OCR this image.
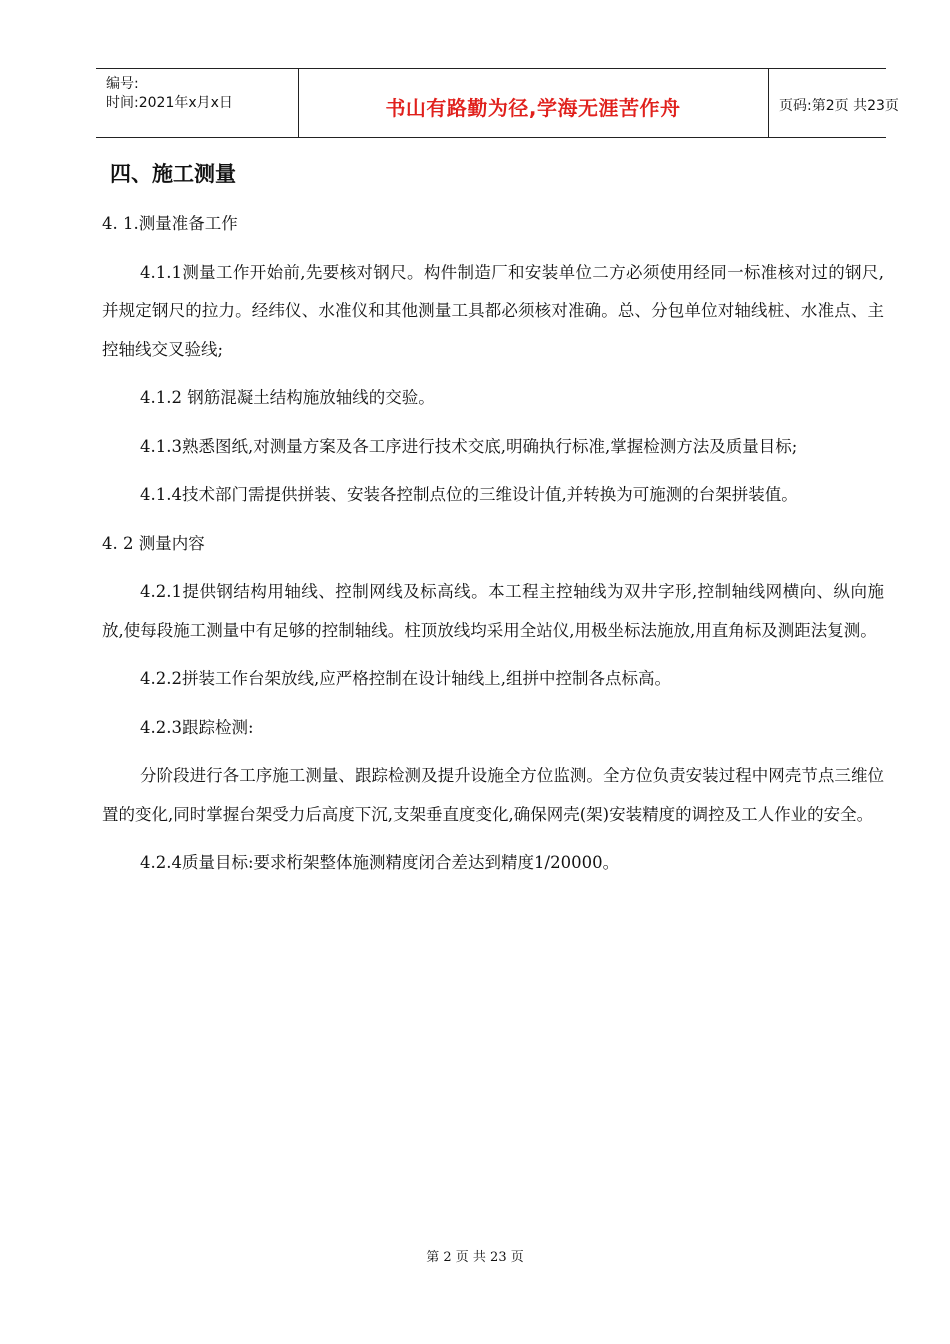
编号:
时间:2021年x月x日	书山有路勤为径,学海无涯苦作舟	页码:第2页 共23页
四、施工测量

4. 1.测量准备工作

4.1.1测量工作开始前,先要核对钢尺。构件制造厂和安装单位二方必须使用经同一标准核对过的钢尺,并规定钢尺的拉力。经纬仪、水准仪和其他测量工具都必须核对准确。总、分包单位对轴线桩、水准点、主控轴线交叉验线;

4.1.2 钢筋混凝土结构施放轴线的交验。

4.1.3熟悉图纸,对测量方案及各工序进行技术交底,明确执行标准,掌握检测方法及质量目标;

4.1.4技术部门需提供拼装、安装各控制点位的三维设计值,并转换为可施测的台架拼装值。

4. 2 测量内容

4.2.1提供钢结构用轴线、控制网线及标高线。本工程主控轴线为双井字形,控制轴线网横向、纵向施放,使每段施工测量中有足够的控制轴线。柱顶放线均采用全站仪,用极坐标法施放,用直角标及测距法复测。

4.2.2拼装工作台架放线,应严格控制在设计轴线上,组拼中控制各点标高。

4.2.3跟踪检测:

分阶段进行各工序施工测量、跟踪检测及提升设施全方位监测。全方位负责安装过程中网壳节点三维位置的变化,同时掌握台架受力后高度下沉,支架垂直度变化,确保网壳(架)安装精度的调控及工人作业的安全。

4.2.4质量目标:要求桁架整体施测精度闭合差达到精度1/20000。

第 2 页 共 23 页
